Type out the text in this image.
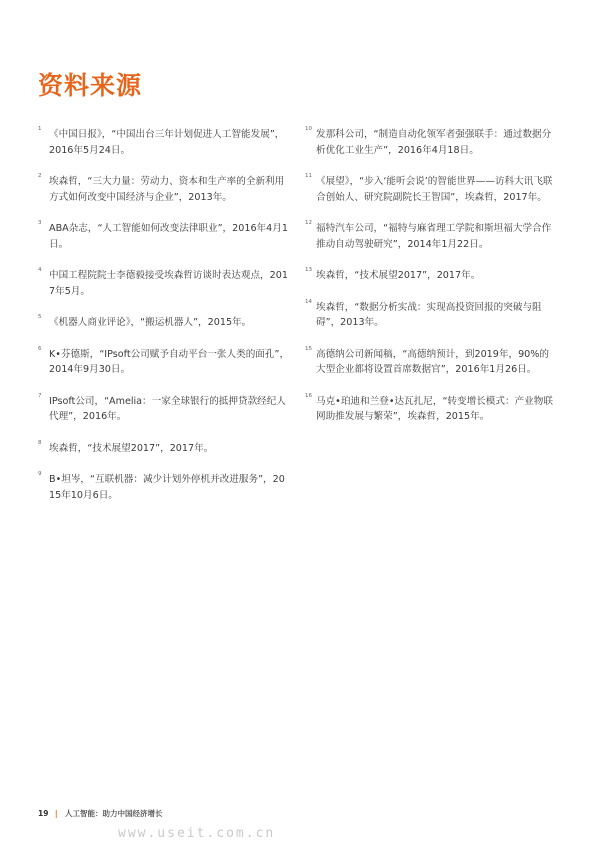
资料来源
1 《中国日报》，“中国出台三年计划促进人工智能发展”，2016年5月24日。
2 埃森哲，“三大力量：劳动力、资本和生产率的全新利用方式如何改变中国经济与企业”，2013年。
3 ABA杂志，“人工智能如何改变法律职业”，2016年4月1日。
4 中国工程院院士李德毅接受埃森哲访谈时表达观点，2017年5月。
5 《机器人商业评论》，“搬运机器人”，2015年。
6 K•芬德斯，“IPsoft公司赋予自动平台一张人类的面孔”，2014年9月30日。
7 IPsoft公司，“Amelia：一家全球银行的抵押贷款经纪人代理”，2016年。
8 埃森哲，“技术展望2017”，2017年。
9 B•坦岑，“互联机器：减少计划外停机并改进服务”，2015年10月6日。
10 发那科公司，“制造自动化领军者强强联手：通过数据分析优化工业生产”，2016年4月18日。
11 《展望》，“步入‘能听会说’的智能世界——访科大讯飞联合创始人、研究院副院长王智国”，埃森哲，2017年。
12 福特汽车公司，“福特与麻省理工学院和斯坦福大学合作推动自动驾驶研究”，2014年1月22日。
13 埃森哲，“技术展望2017”，2017年。
14 埃森哲，“数据分析实战：实现高投资回报的突破与阻碍”，2013年。
15 高德纳公司新闻稿，“高德纳预计，到2019年，90%的大型企业都将设置首席数据官”，2016年1月26日。
16 马克•珀迪和兰登•达瓦扎尼，“转变增长模式：产业物联网助推发展与繁荣”，埃森哲，2015年。
19 | 人工智能：助力中国经济增长
www.useit.com.cn
